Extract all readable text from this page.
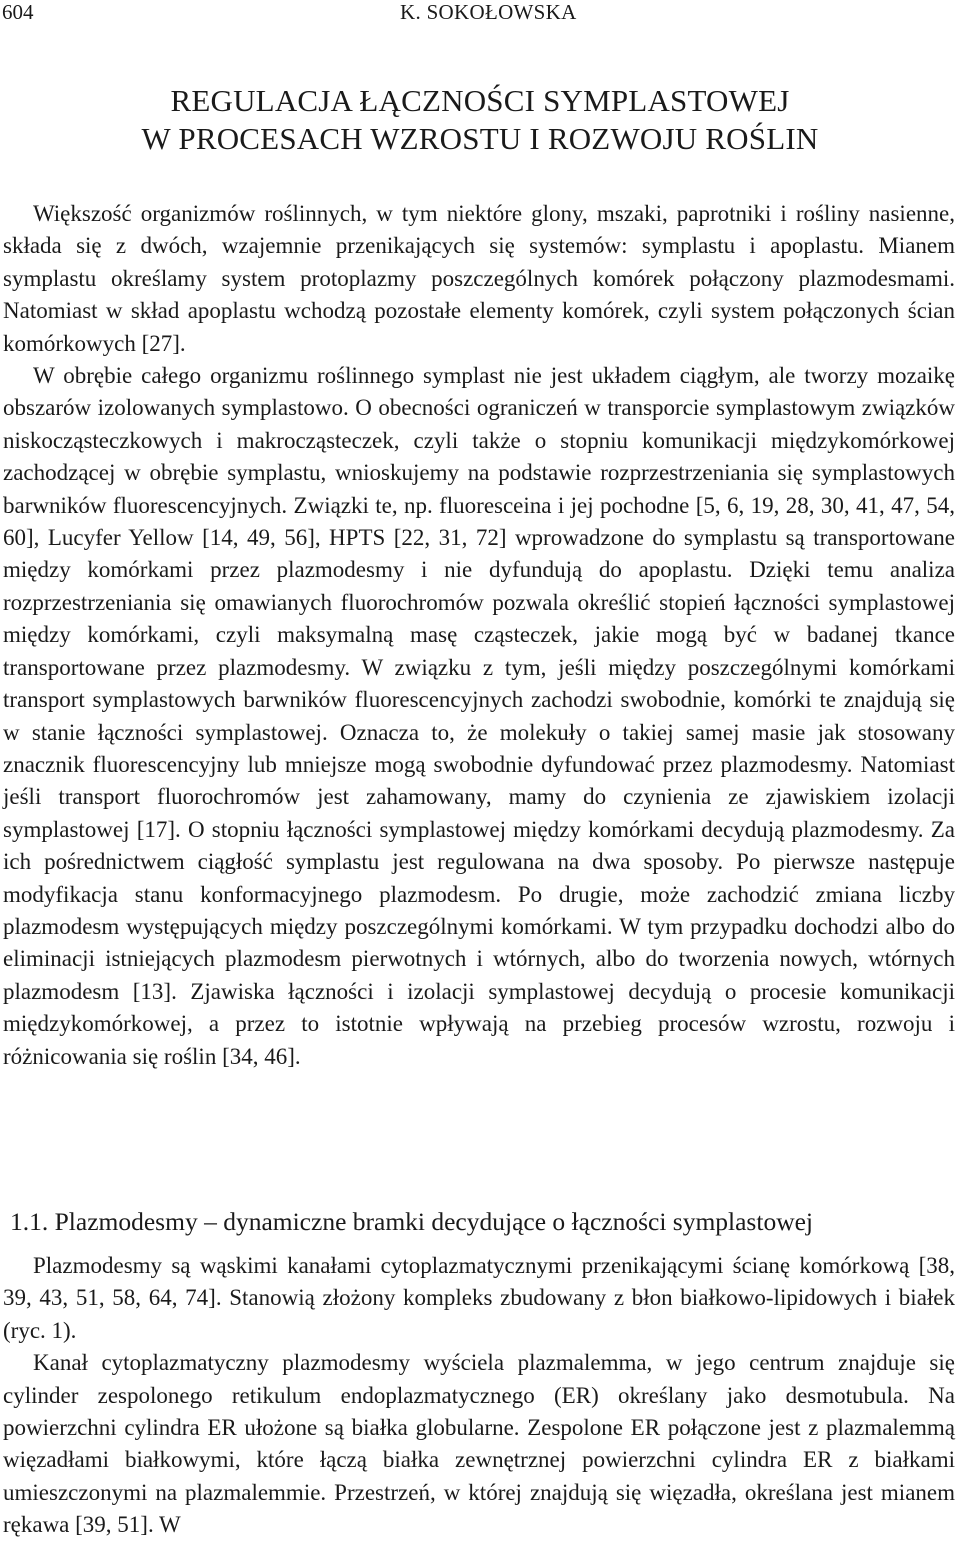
604	K. SOKOŁOWSKA
REGULACJA ŁĄCZNOŚCI SYMPLASTOWEJ
W PROCESACH WZROSTU I ROZWOJU ROŚLIN

Większość organizmów roślinnych, w tym niektóre glony, mszaki, paprotniki i rośliny nasienne, składa się z dwóch, wzajemnie przenikających się systemów: symplastu i apoplastu. Mianem symplastu określamy system protoplazmy poszczególnych komórek połączony plazmodesmami. Natomiast w skład apoplastu wchodzą pozostałe elementy komórek, czyli system połączonych ścian komórkowych [27].

W obrębie całego organizmu roślinnego symplast nie jest układem ciągłym, ale tworzy mozaikę obszarów izolowanych symplastowo. O obecności ograniczeń w transporcie symplastowym związków niskocząsteczkowych i makrocząsteczek, czyli także o stopniu komunikacji międzykomórkowej zachodzącej w obrębie symplastu, wnioskujemy na podstawie rozprzestrzeniania się symplastowych barwników fluorescencyjnych. Związki te, np. fluoresceina i jej pochodne [5, 6, 19, 28, 30, 41, 47, 54, 60], Lucyfer Yellow [14, 49, 56], HPTS [22, 31, 72] wprowadzone do symplastu są transportowane między komórkami przez plazmodesmy i nie dyfundują do apoplastu. Dzięki temu analiza rozprzestrzeniania się omawianych fluorochromów pozwala określić stopień łączności symplastowej między komórkami, czyli maksymalną masę cząsteczek, jakie mogą być w badanej tkance transportowane przez plazmodesmy. W związku z tym, jeśli między poszczególnymi komórkami transport symplastowych barwników fluorescencyjnych zachodzi swobodnie, komórki te znajdują się w stanie łączności symplastowej. Oznacza to, że molekuły o takiej samej masie jak stosowany znacznik fluorescencyjny lub mniejsze mogą swobodnie dyfundować przez plazmodesmy. Natomiast jeśli transport fluorochromów jest zahamowany, mamy do czynienia ze zjawiskiem izolacji symplastowej [17]. O stopniu łączności symplastowej między komórkami decydują plazmodesmy. Za ich pośrednictwem ciągłość symplastu jest regulowana na dwa sposoby. Po pierwsze następuje modyfikacja stanu konformacyjnego plazmodesm. Po drugie, może zachodzić zmiana liczby plazmodesm występujących między poszczególnymi komórkami. W tym przypadku dochodzi albo do eliminacji istniejących plazmodesm pierwotnych i wtórnych, albo do tworzenia nowych, wtórnych plazmodesm [13]. Zjawiska łączności i izolacji symplastowej decydują o procesie komunikacji międzykomórkowej, a przez to istotnie wpływają na przebieg procesów wzrostu, rozwoju i różnicowania się roślin [34, 46].

1.1. Plazmodesmy – dynamiczne bramki decydujące o łączności symplastowej

Plazmodesmy są wąskimi kanałami cytoplazmatycznymi przenikającymi ścianę komórkową [38, 39, 43, 51, 58, 64, 74]. Stanowią złożony kompleks zbudowany z błon białkowo-lipidowych i białek (ryc. 1).

Kanał cytoplazmatyczny plazmodesmy wyściela plazmalemma, w jego centrum znajduje się cylinder zespolonego retikulum endoplazmatycznego (ER) określany jako desmotubula. Na powierzchni cylindra ER ułożone są białka globularne. Zespolone ER połączone jest z plazmalemmą więzadłami białkowymi, które łączą białka zewnętrznej powierzchni cylindra ER z białkami umieszczonymi na plazmalemmie. Przestrzeń, w której znajdują się więzadła, określana jest mianem rękawa [39, 51]. W
